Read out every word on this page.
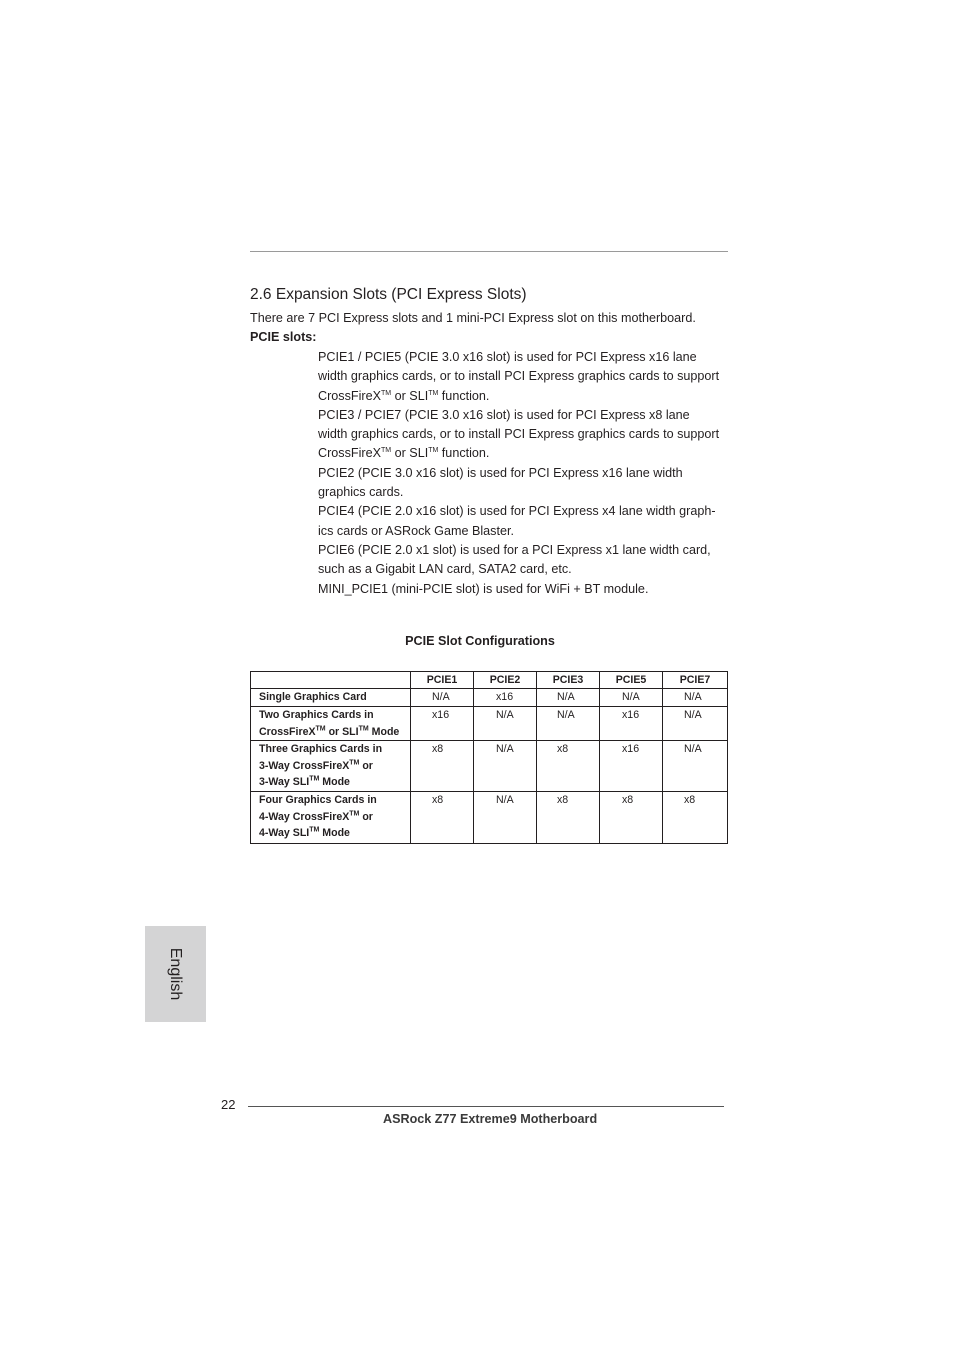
2.6 Expansion Slots (PCI Express Slots)
There are 7 PCI Express slots and 1 mini-PCI Express slot on this motherboard.
PCIE slots:
PCIE1 / PCIE5 (PCIE 3.0 x16 slot) is used for PCI Express x16 lane
width graphics cards, or to install PCI Express graphics cards to support
CrossFireX™ or SLI™ function.
PCIE3 / PCIE7 (PCIE 3.0 x16 slot) is used for PCI Express x8 lane
width graphics cards, or to install PCI Express graphics cards to support
CrossFireX™ or SLI™ function.
PCIE2 (PCIE 3.0 x16 slot) is used for PCI Express x16 lane width
graphics cards.
PCIE4 (PCIE 2.0 x16 slot) is used for PCI Express x4 lane width graph-
ics cards or ASRock Game Blaster.
PCIE6 (PCIE 2.0 x1 slot) is used for a PCI Express x1 lane width card,
such as a Gigabit LAN card, SATA2 card, etc.
MINI_PCIE1 (mini-PCIE slot) is used for WiFi + BT module.
PCIE Slot Configurations
	PCIE1	PCIE2	PCIE3	PCIE5	PCIE7
Single Graphics Card	N/A	x16	N/A	N/A	N/A

Two Graphics Cards in
CrossFireX™ or SLI™ Mode	x16	N/A	N/A	x16	N/A

Three Graphics Cards in
3-Way CrossFireX™ or
3-Way SLI™ Mode	x8	N/A	x8	x16	N/A

Four Graphics Cards in
4-Way CrossFireX™ or
4-Way SLI™ Mode	x8	N/A	x8	x8	x8
English
22
ASRock Z77 Extreme9 Motherboard
